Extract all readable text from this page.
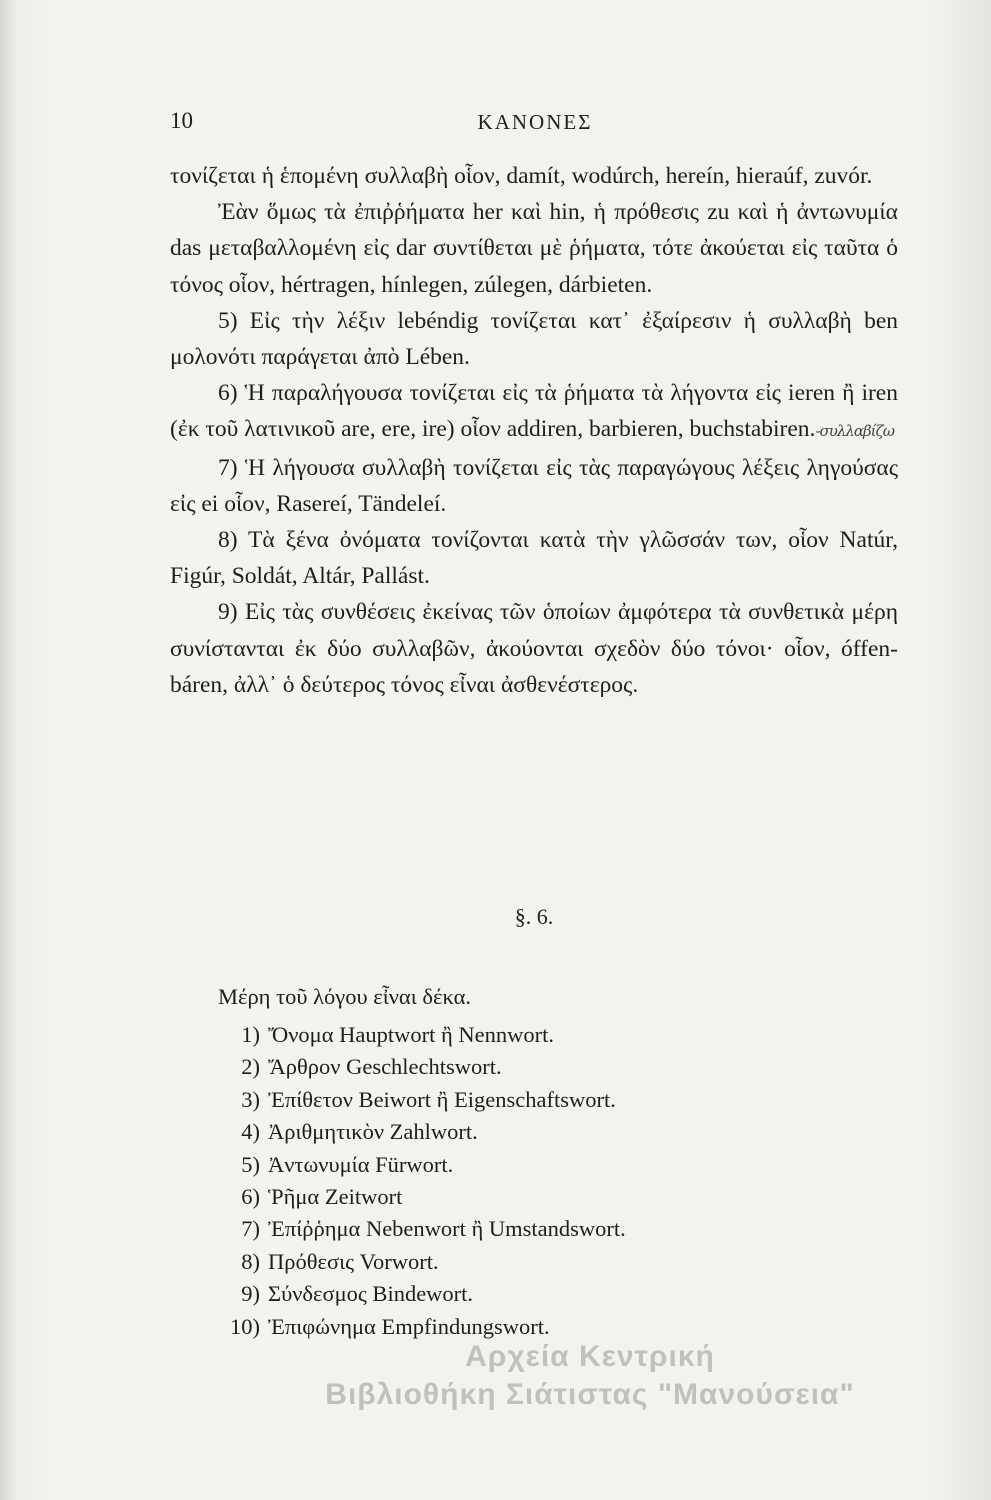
10	ΚΑΝΟΝΕΣ

τονίζεται ἡ ἑπομένη συλλαβὴ οἷον, damít, wodúrch, hereín, hieraúf, zuvór.

Ἐὰν ὅμως τὰ ἐπιῤῥήματα her καὶ hin, ἡ πρόθεσις zu καὶ ἡ ἀντωνυμία das μεταβαλλομένη εἰς dar συντίθεται μὲ ῥήματα, τότε ἀκούεται εἰς ταῦτα ὁ τόνος οἷον, hértragen, hínlegen, zúlegen, dárbieten.

5) Εἰς τὴν λέξιν lebéndig τονίζεται κατ᾽ ἐξαίρεσιν ἡ συλλαβὴ ben μολονότι παράγεται ἀπὸ Lében.

6) Ἡ παραλήγουσα τονίζεται εἰς τὰ ῥήματα τὰ λήγοντα εἰς ieren ἢ iren (ἐκ τοῦ λατινικοῦ are, ere, ire) οἷον addiren, barbieren, buchstabiren.-συλλαβίζω

7) Ἡ λήγουσα συλλαβὴ τονίζεται εἰς τὰς παραγώγους λέξεις ληγούσας εἰς ei οἷον, Rasereí, Tändeleí.

8) Τὰ ξένα ὀνόματα τονίζονται κατὰ τὴν γλῶσσάν των, οἷον Natúr, Figúr, Soldát, Altár, Pallást.

9) Εἰς τὰς συνθέσεις ἐκείνας τῶν ὁποίων ἀμφότερα τὰ συνθετικὰ μέρη συνίστανται ἐκ δύο συλλαβῶν, ἀκούονται σχεδὸν δύο τόνοι· οἷον, óffen-báren, ἀλλ᾽ ὁ δεύτερος τόνος εἶναι ἀσθενέστερος.

§. 6.
Μέρη τοῦ λόγου εἶναι δέκα.
1) Ὄνομα Hauptwort ἢ Nennwort.
2) Ἄρθρον Geschlechtswort.
3) Ἐπίθετον Beiwort ἢ Eigenschaftswort.
4) Ἀριθμητικὸν Zahlwort.
5) Ἀντωνυμία Fürwort.
6) Ῥῆμα Zeitwort
7) Ἐπίῤῥημα Nebenwort ἢ Umstandswort.
8) Πρόθεσις Vorwort.
9) Σύνδεσμος Bindewort.
10) Ἐπιφώνημα Empfindungswort.
Αρχεία Κεντρική
Βιβλιοθήκη Σιάτιστας "Μανούσεια"
